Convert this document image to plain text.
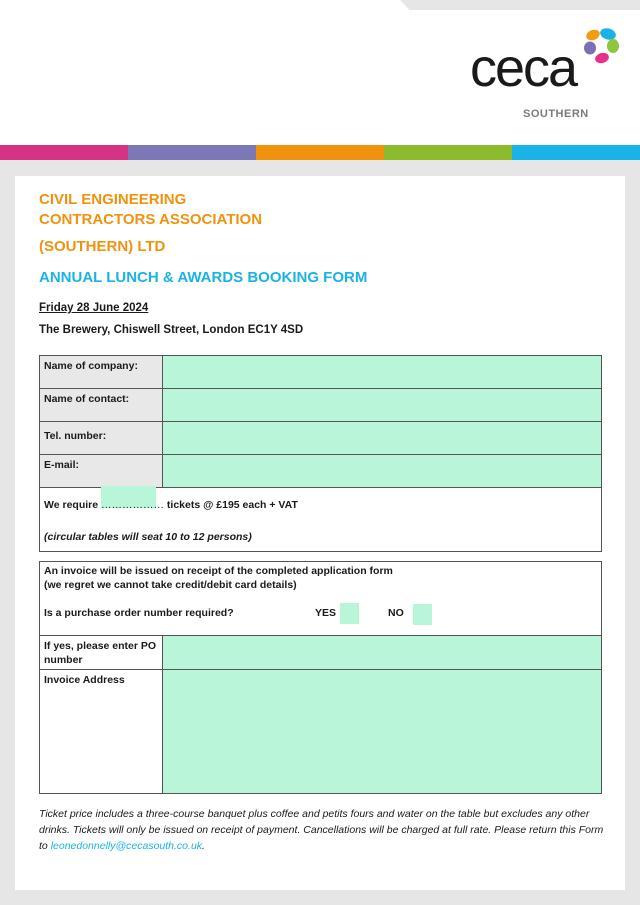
ceca
SOUTHERN
CIVIL ENGINEERING
CONTRACTORS ASSOCIATION
(SOUTHERN) LTD
ANNUAL LUNCH & AWARDS BOOKING FORM
Friday 28 June 2024
The Brewery, Chiswell Street, London EC1Y 4SD
Name of company:
Name of contact:
Tel. number:
E-mail:
We require ……………… tickets @ £195 each + VAT
(circular tables will seat 10 to 12 persons)
An invoice will be issued on receipt of the completed application form
(we regret we cannot take credit/debit card details)
Is a purchase order number required?	YES	NO
If yes, please enter PO number
Invoice Address
Ticket price includes a three-course banquet plus coffee and petits fours and water on the table but excludes any other drinks. Tickets will only be issued on receipt of payment. Cancellations will be charged at full rate. Please return this Form to leonedonnelly@cecasouth.co.uk.
